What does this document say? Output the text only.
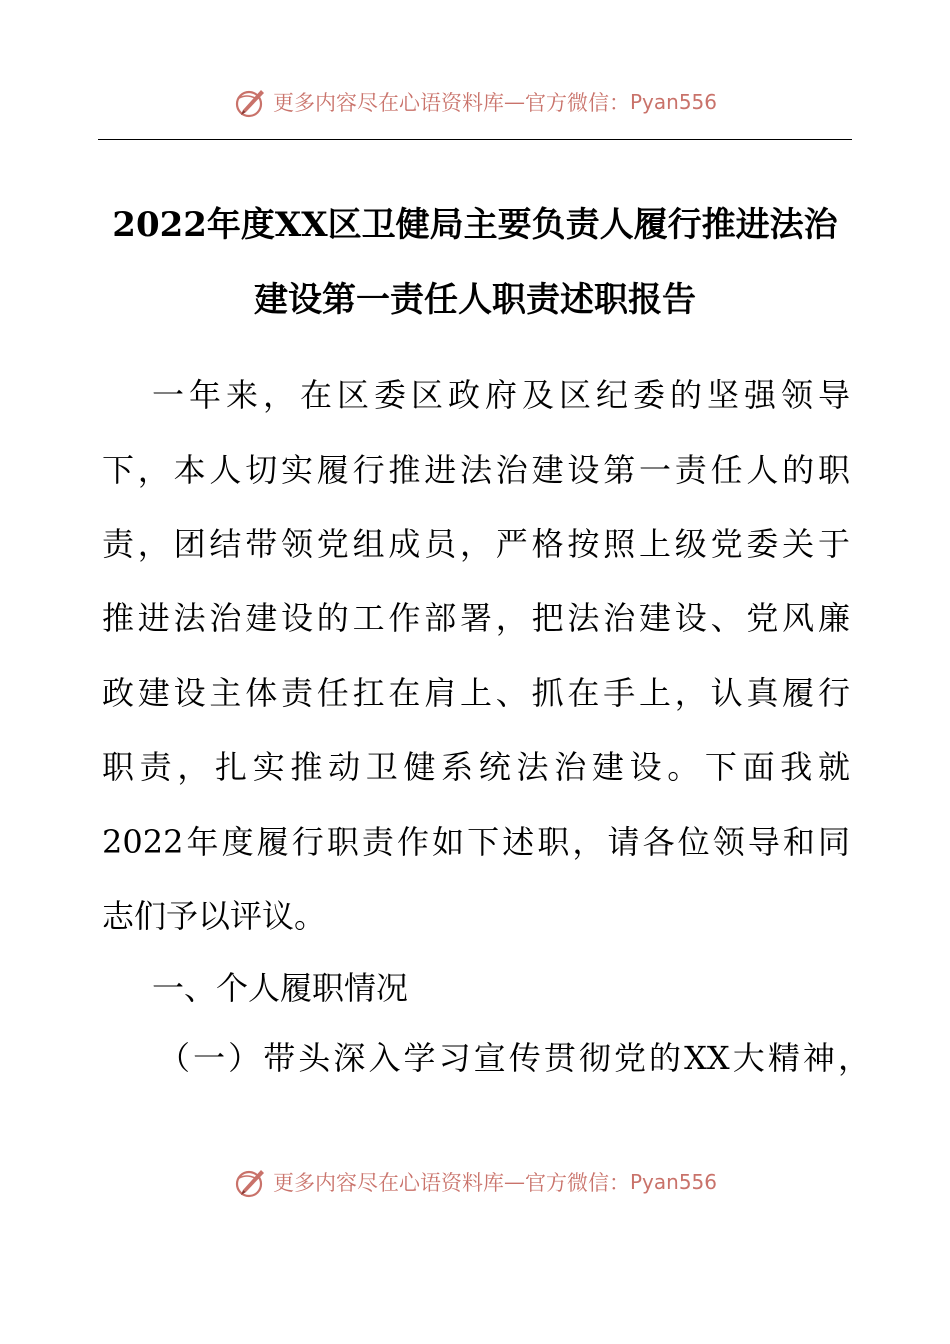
更多内容尽在心语资料库 — 官方微信： Pyan556
2022年度XX区卫健局主要负责人履行推进法治
建设第一责任人职责述职报告
一年来，在区委区政府及区纪委的坚强领导
下，本人切实履行推进法治建设第一责任人的职
责，团结带领党组成员，严格按照上级党委关于
推进法治建设的工作部署，把法治建设、党风廉
政建设主体责任扛在肩上、抓在手上，认真履行
职责，扎实推动卫健系统法治建设。下面我就
2022年度履行职责作如下述职，请各位领导和同
志们予以评议。
一、个人履职情况
（一）带头深入学习宣传贯彻党的XX大精神，
更多内容尽在心语资料库 — 官方微信： Pyan556
